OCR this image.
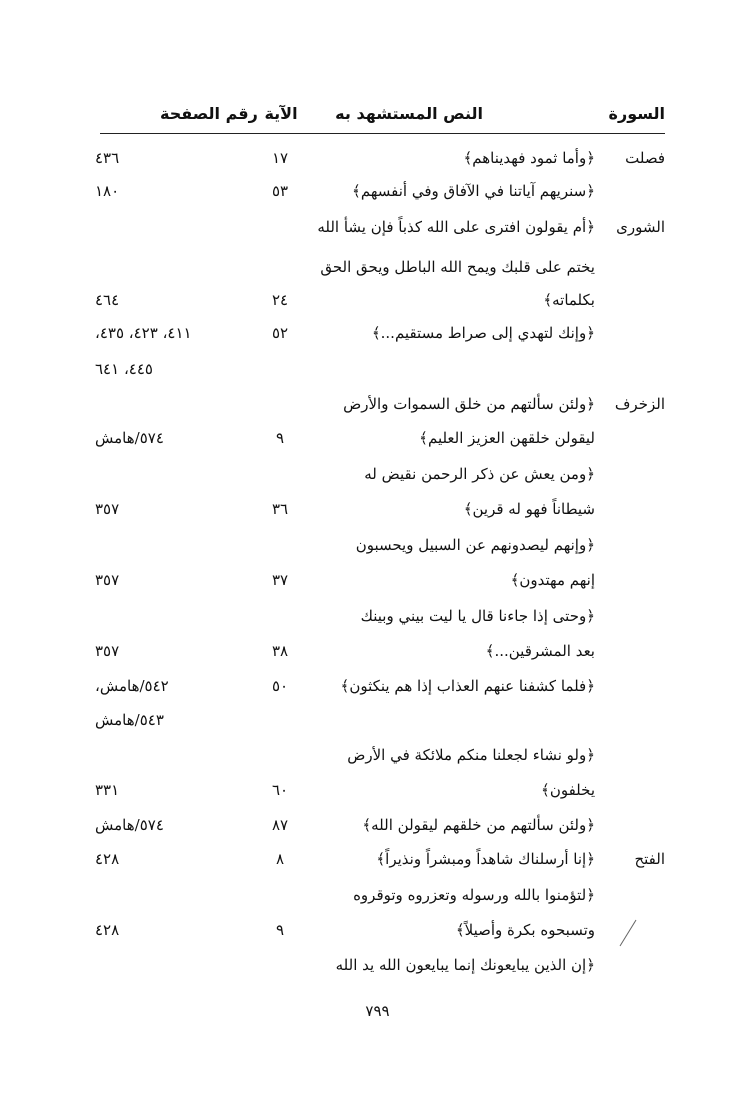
السورة
النص المستشهد به
الآية
رقم الصفحة
فصلت
﴿وأما ثمود فهديناهم﴾
١٧
٤٣٦
﴿سنريهم آياتنا في الآفاق وفي أنفسهم﴾
٥٣
١٨٠
الشورى
﴿أم يقولون افترى على الله كذباً فإن يشأ الله
يختم على قلبك ويمح الله الباطل ويحق الحق
بكلماته﴾
٢٤
٤٦٤
﴿وإنك لتهدي إلى صراط مستقيم...﴾
٥٢
٤١١، ٤٢٣، ٤٣٥،
٤٤٥، ٦٤١
الزخرف
﴿ولئن سألتهم من خلق السموات والأرض
ليقولن خلقهن العزيز العليم﴾
٩
٥٧٤/هامش
﴿ومن يعش عن ذكر الرحمن نقيض له
شيطاناً فهو له قرين﴾
٣٦
٣٥٧
﴿وإنهم ليصدونهم عن السبيل ويحسبون
إنهم مهتدون﴾
٣٧
٣٥٧
﴿وحتى إذا جاءنا قال يا ليت بيني وبينك
بعد المشرقين...﴾
٣٨
٣٥٧
﴿فلما كشفنا عنهم العذاب إذا هم ينكثون﴾
٥٠
٥٤٢/هامش،
٥٤٣/هامش
﴿ولو نشاء لجعلنا منكم ملائكة في الأرض
يخلفون﴾
٦٠
٣٣١
﴿ولئن سألتهم من خلقهم ليقولن الله﴾
٨٧
٥٧٤/هامش
الفتح
﴿إنا أرسلناك شاهداً ومبشراً ونذيراً﴾
٨
٤٢٨
﴿لتؤمنوا بالله ورسوله وتعزروه وتوقروه
وتسبحوه بكرة وأصيلاً﴾
٩
٤٢٨
﴿إن الذين يبايعونك إنما يبايعون الله يد الله
٧٩٩
